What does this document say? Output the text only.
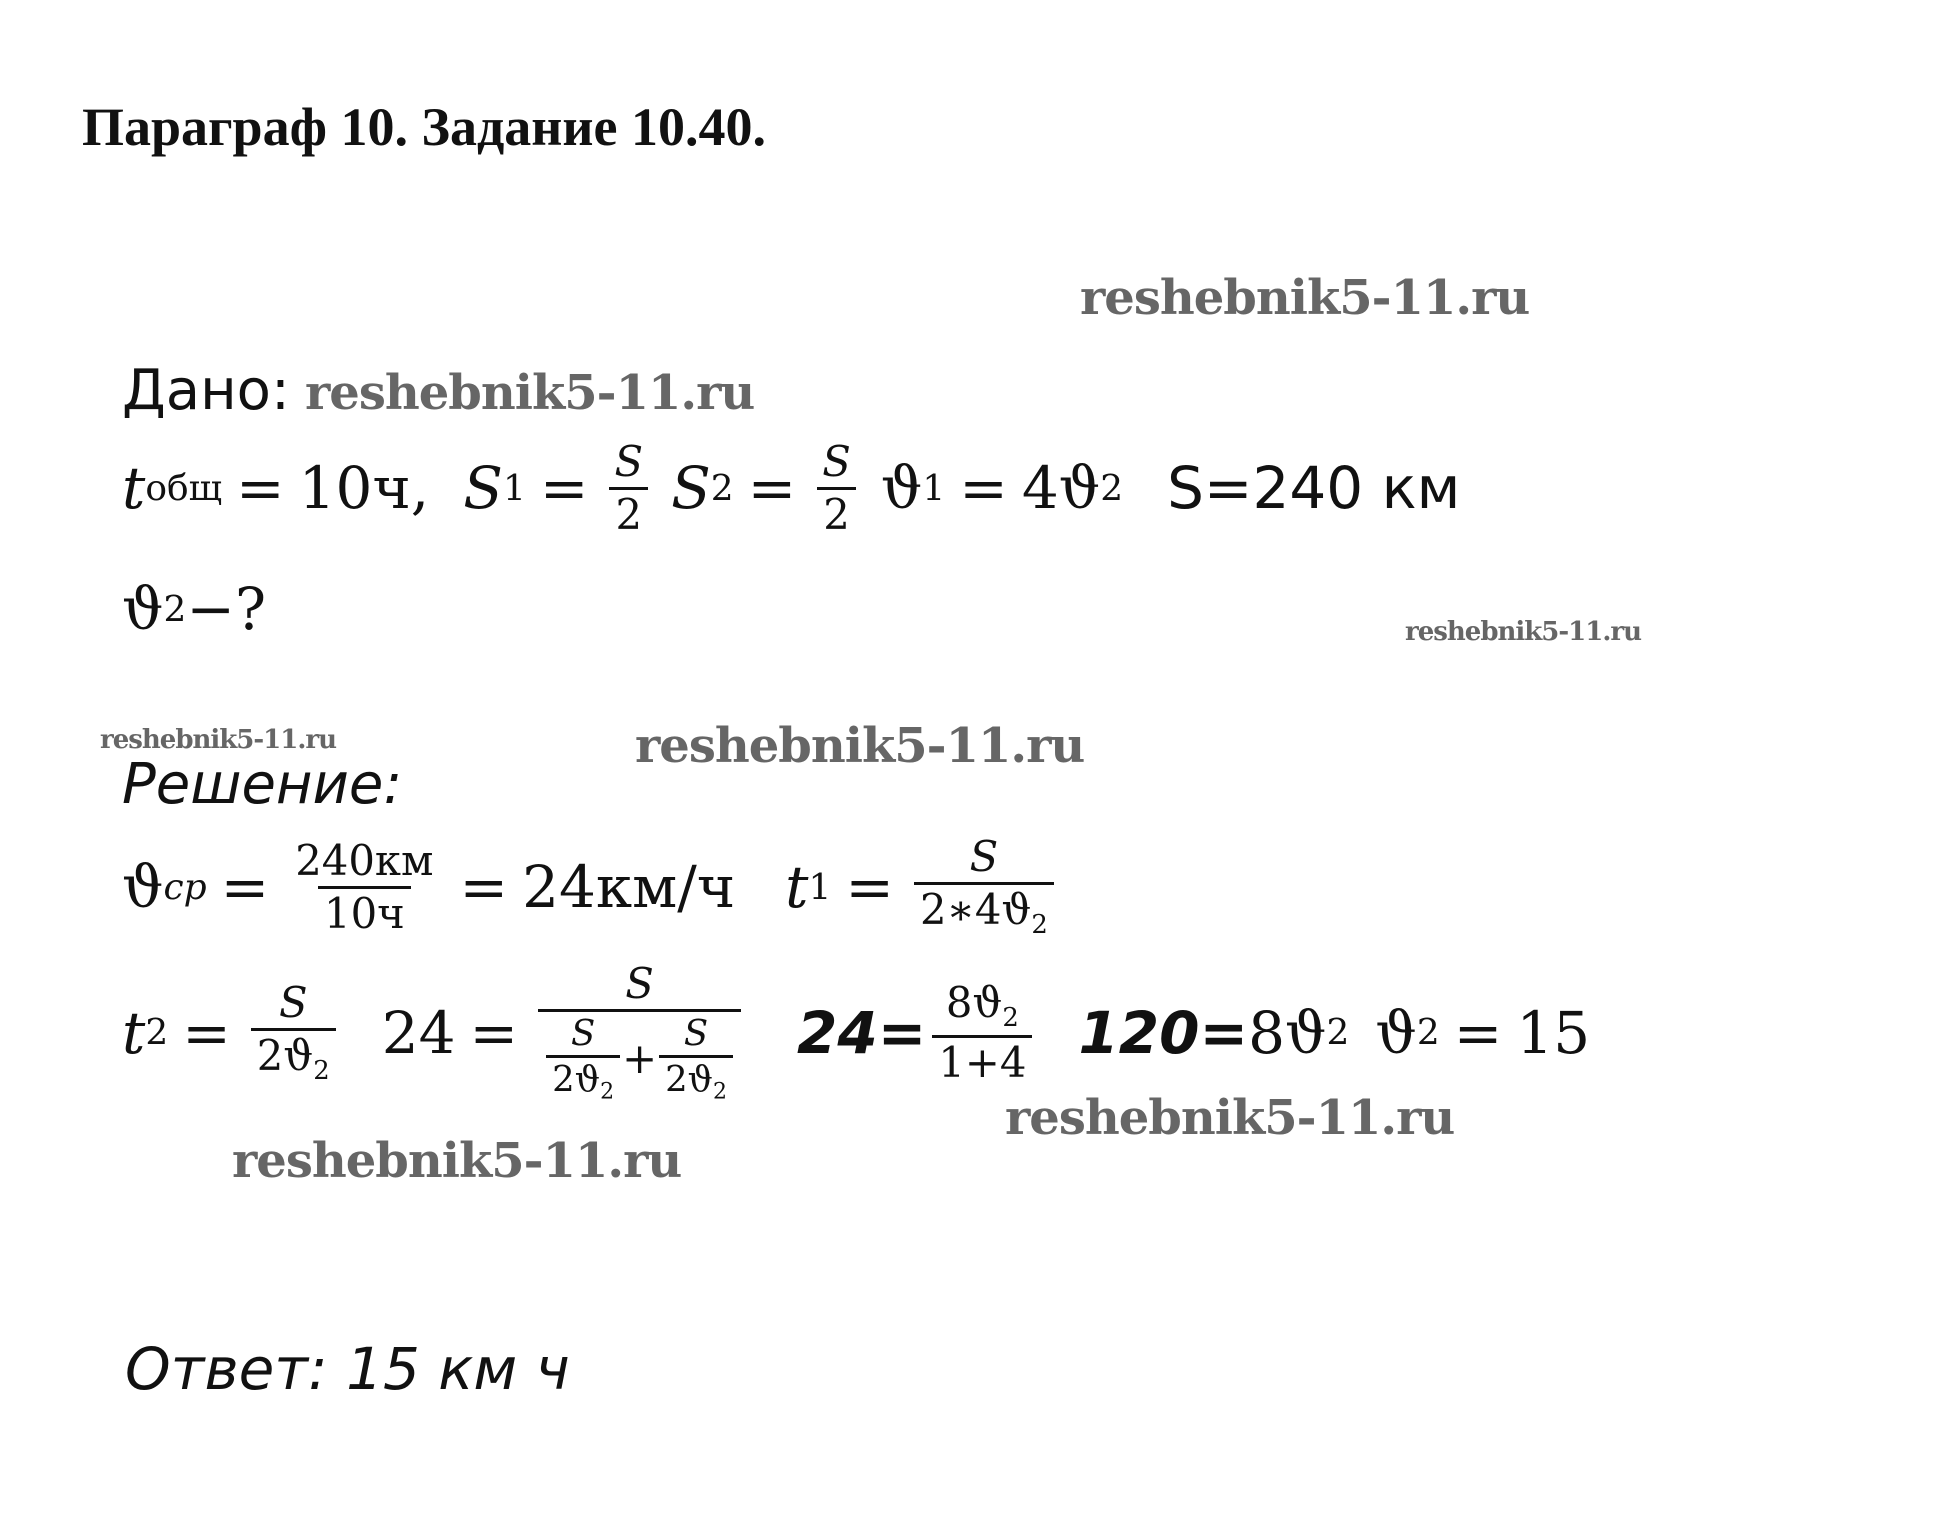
Параграф 10. Задание 10.40.
reshebnik5-11.ru
reshebnik5-11.ru
reshebnik5-11.ru
reshebnik5-11.ru	reshebnik5-11.ru
reshebnik5-11.ru
reshebnik5-11.ru
Дано:
t общ = 10ч, S $1 = \frac{S}{2}$ S $2 = \frac{S}{2}$ ϑ 1 = 4 ϑ 2 S=240 км
ϑ 2 −?
Решение:
ϑ ср = $\frac{240км}{10ч} = 24км/ч$ t $1 = \frac{S}{2∗4ϑ_2}$
t $2 = \frac{S}{2ϑ_2} 24 = \frac{S}{\frac{S}{2ϑ_2} + \frac{S}{2ϑ_2}} 24= \frac{8ϑ_2}{1+4} 120= 8$ ϑ 2 ϑ 2 = 15
Ответ: 15 км ч
